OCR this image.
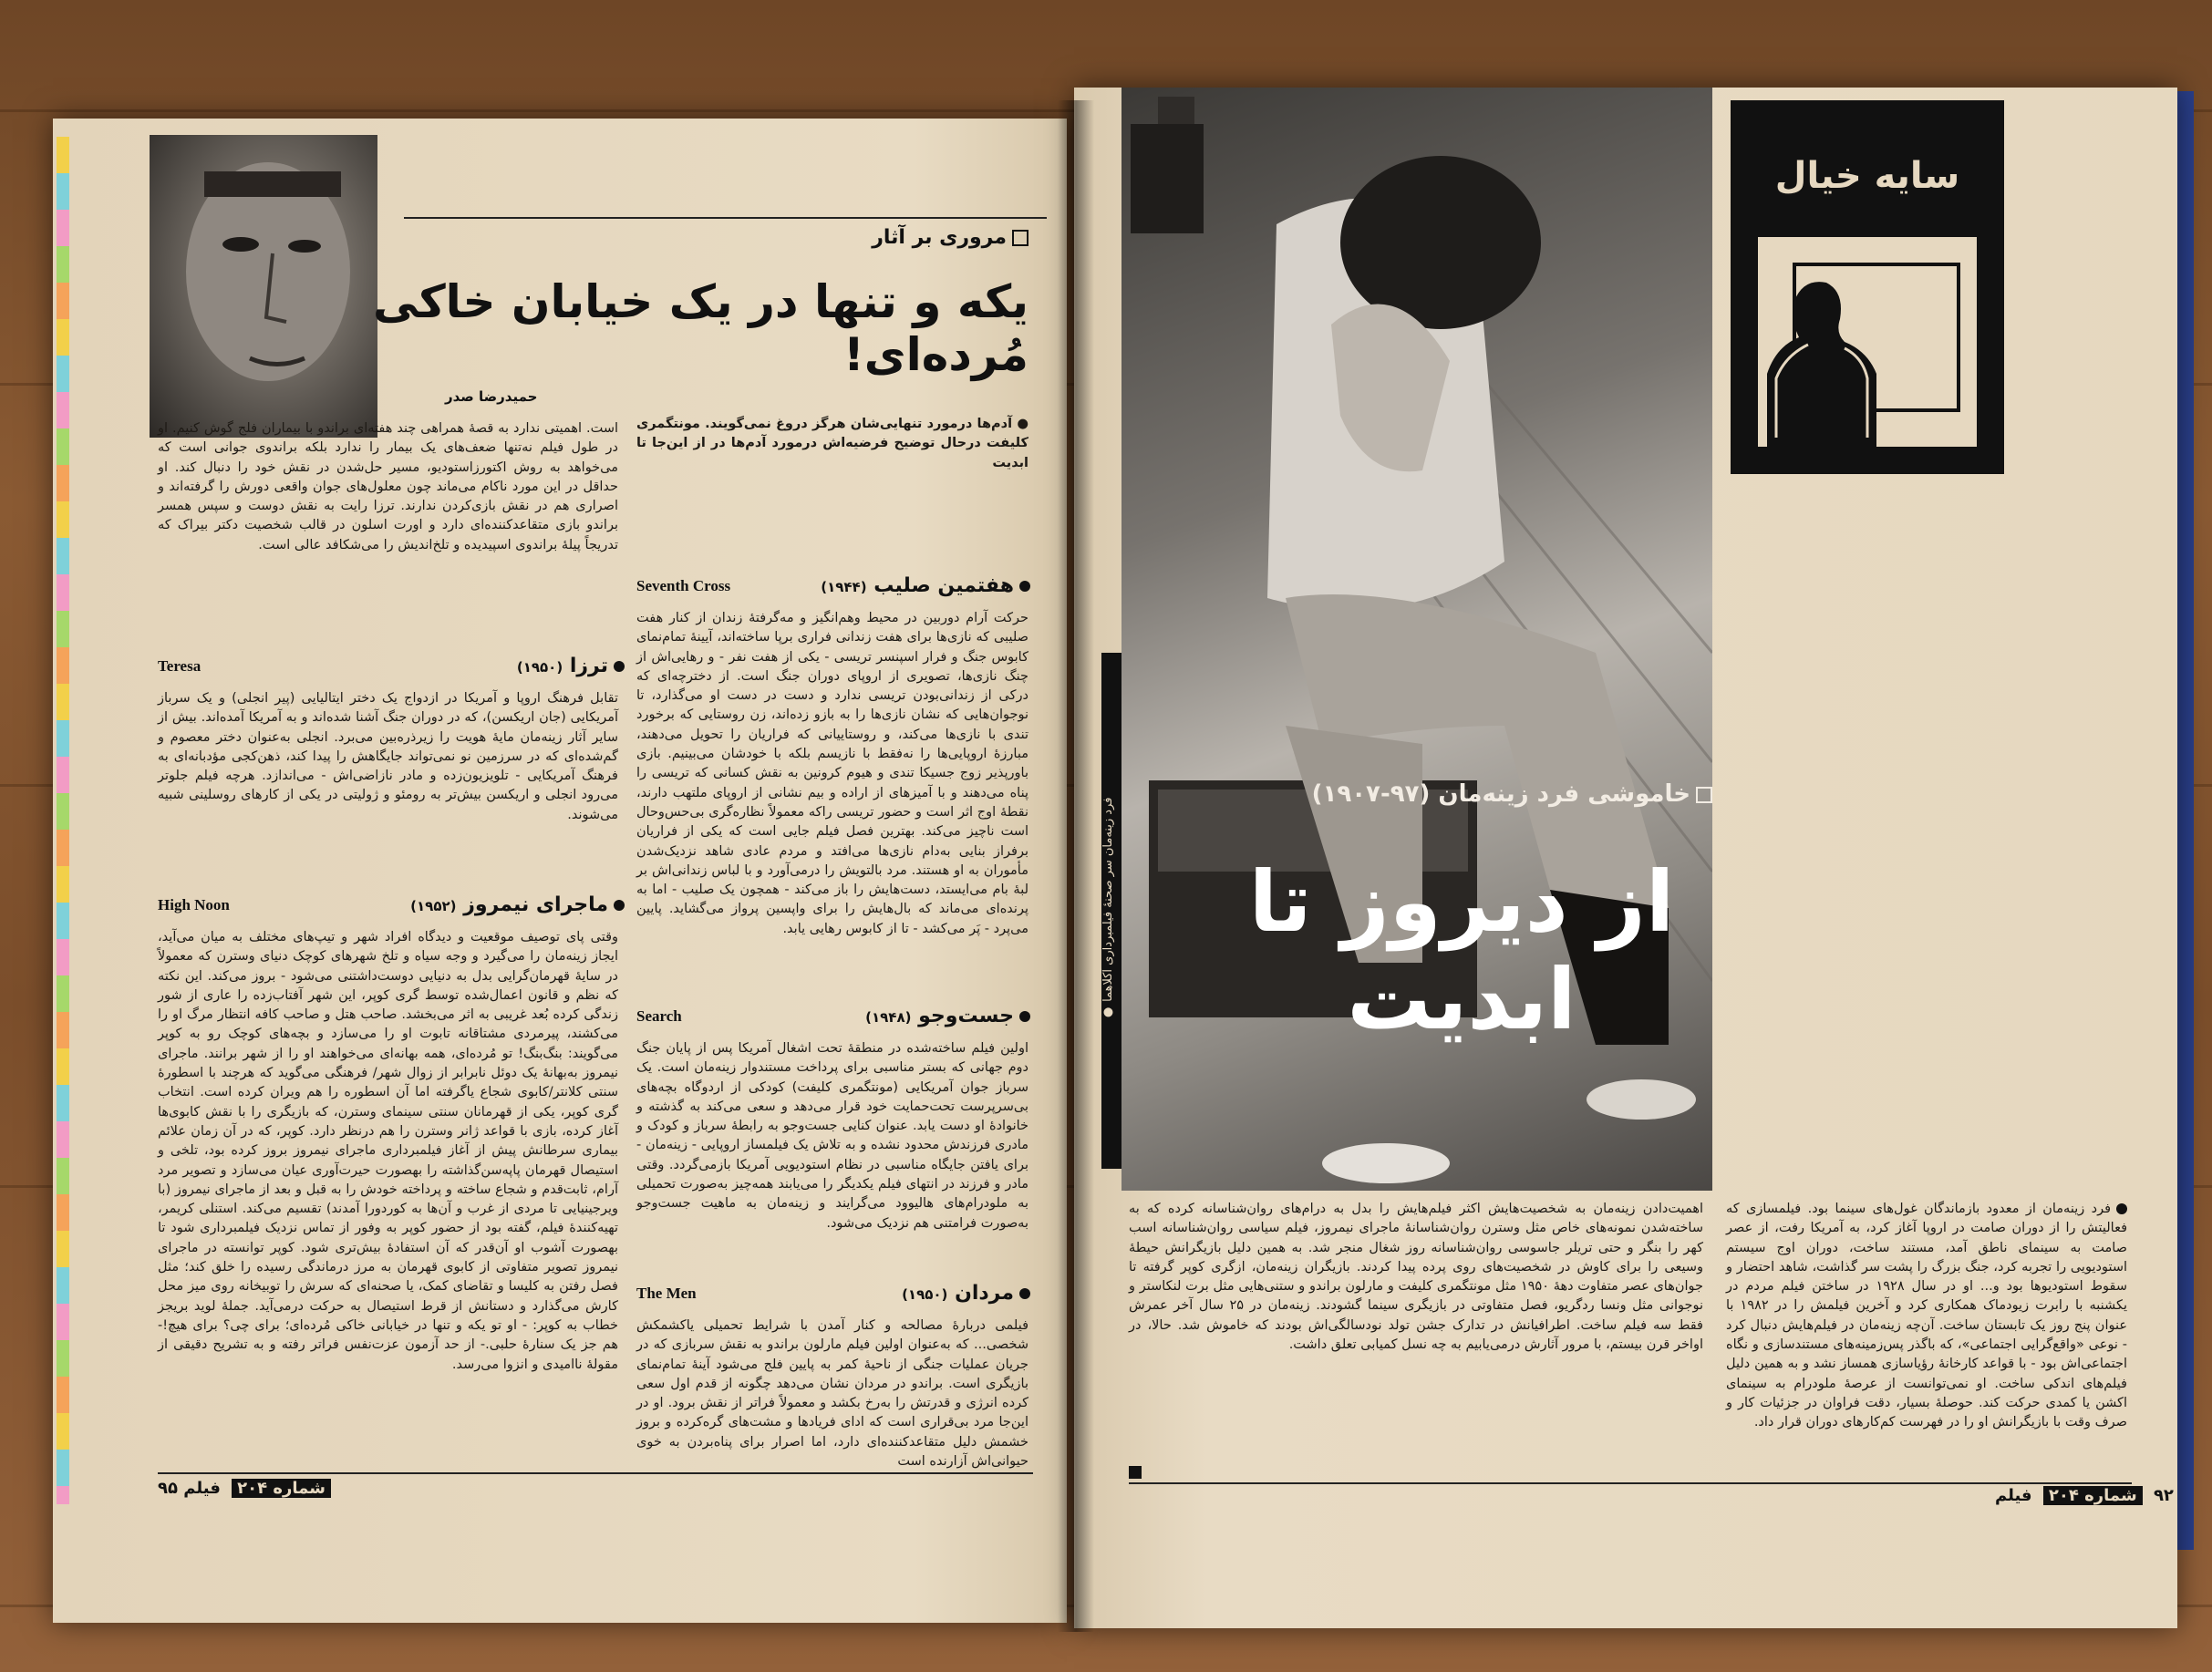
مروری بر آثار
یکه و تنها در یک خیابان خاکی مُرده‌ای!
حمیدرضا صدر
است. اهمیتی ندارد به قصهٔ همراهی چند هفته‌ای براندو با بیماران فلج گوش کنیم. او در طول فیلم نه‌تنها ضعف‌های یک بیمار را ندارد بلکه براندوی جوانی است که می‌خواهد به روش اکتورزاستودیو، مسیر حل‌شدن در نقش خود را دنبال کند. او حداقل در این مورد ناکام می‌ماند چون معلول‌های جوان واقعی دورش را گرفته‌اند و اصراری هم در نقش بازی‌کردن ندارند. ترزا رایت به نقش دوست و سپس همسر براندو بازی متقاعدکننده‌ای دارد و اورت اسلون در قالب شخصیت دکتر بیراک که تدریجاً پیلهٔ براندوی اسپیدیده و تلخ‌اندیش را می‌شکافد عالی است.
● آدم‌ها درمورد تنهایی‌شان هرگز دروغ نمی‌گویند. مونتگمری کلیفت درحال توضیح فرضیه‌اش درمورد آدم‌ها در از این‌جا تا ابدیت
هفتمین صلیب (۱۹۴۴)
Seventh Cross
حرکت آرام دوربین در محیط وهم‌انگیز و مه‌گرفتهٔ زندان از کنار هفت صلیبی که نازی‌ها برای هفت زندانی فراری برپا ساخته‌اند، آیینهٔ تمام‌نمای کابوس جنگ و فرار اسپنسر تریسی - یکی از هفت نفر - و رهایی‌اش از چنگ نازی‌ها، تصویری از اروپای دوران جنگ است. از دخترچه‌ای که درکی از زندانی‌بودن تریسی ندارد و دست در دست او می‌گذارد، تا نوجوان‌هایی که نشان نازی‌ها را به بازو زده‌اند، زن روستایی که برخورد تندی با نازی‌ها می‌کند، و روستاییانی که فراریان را تحویل می‌دهند، مبارزهٔ اروپایی‌ها را نه‌فقط با نازیسم بلکه با خودشان می‌بینیم. بازی باورپذیر زوج جسیکا تندی و هیوم کرونین به نقش کسانی که تریسی را پناه می‌دهند و با آمیزهای از اراده و بیم نشانی از اروپای ملتهب دارند، نقطهٔ اوج اثر است و حضور تریسی راکه معمولاً نظاره‌گری بی‌حس‌وحال است ناچیز می‌کند. بهترین فصل فیلم جایی است که یکی از فراریان برفراز بنایی به‌دام نازی‌ها می‌افتد و مردم عادی شاهد نزدیک‌شدن مأموران به او هستند. مرد بالتویش را درمی‌آورد و با لباس زندانی‌اش بر لبهٔ بام می‌ایستد، دست‌هایش را باز می‌کند - همچون یک صلیب - اما به پرنده‌ای می‌ماند که بال‌هایش را برای واپسین پرواز می‌گشاید. پایین می‌پرد - پَر می‌کشد - تا از کابوس رهایی یابد.
جست‌وجو (۱۹۴۸)
Search
اولین فیلم ساخته‌شده در منطقهٔ تحت اشغال آمریکا پس از پایان جنگ دوم جهانی که بستر مناسبی برای پرداخت مستندوار زینه‌مان است. یک سرباز جوان آمریکایی (مونتگمری کلیفت) کودکی از اردوگاه بچه‌های بی‌سرپرست تحت‌حمایت خود قرار می‌دهد و سعی می‌کند به گذشته و خانوادهٔ او دست یابد. عنوان کنایی جست‌وجو به رابطهٔ سرباز و کودک و مادری فرزندش محدود نشده و به تلاش یک فیلمساز اروپایی - زینه‌مان - برای یافتن جایگاه مناسبی در نظام استودیویی آمریکا بازمی‌گردد. وقتی مادر و فرزند در انتهای فیلم یکدیگر را می‌یابند همه‌چیز به‌صورت تحمیلی به ملودرام‌های هالیوود می‌گرایند و زینه‌مان به ماهیت جست‌وجو به‌صورت فرامتنی هم نزدیک می‌شود.
مردان (۱۹۵۰)
The Men
فیلمی دربارهٔ مصالحه و کنار آمدن با شرایط تحمیلی یاکشمکش شخصی... که به‌عنوان اولین فیلم مارلون براندو به نقش سربازی که در جریان عملیات جنگی از ناحیهٔ کمر به پایین فلج می‌شود آینهٔ تمام‌نمای بازیگری است. براندو در مردان نشان می‌دهد چگونه از قدم اول سعی کرده انرژی و قدرتش را به‌رخ بکشد و معمولاً فراتر از نقش برود. او در این‌جا مرد بی‌قراری است که ادای فریادها و مشت‌های گره‌کرده و بروز خشمش دلیل متقاعدکننده‌ای دارد، اما اصرار برای پناه‌بردن به خوی حیوانی‌اش آزارنده است
ترزا (۱۹۵۰)
Teresa
تقابل فرهنگ اروپا و آمریکا در ازدواج یک دختر ایتالیایی (پیر انجلی) و یک سرباز آمریکایی (جان اریکسن)، که در دوران جنگ آشنا شده‌اند و به آمریکا آمده‌اند. بیش از سایر آثار زینه‌مان مایهٔ هویت را زیرذره‌بین می‌برد. انجلی به‌عنوان دختر معصوم و گم‌شده‌ای که در سرزمین نو نمی‌تواند جایگاهش را پیدا کند، ذهن‌کجی مؤدبانه‌ای به فرهنگ آمریکایی - تلویزیون‌زده و مادر نازاضی‌اش - می‌اندازد. هرچه فیلم جلوتر می‌رود انجلی و اریکسن بیش‌تر به رومئو و ژولیتی در یکی از کارهای روسلینی شبیه می‌شوند.
ماجرای نیمروز (۱۹۵۲)
High Noon
وقتی پای توصیف موقعیت و دیدگاه افراد شهر و تیپ‌های مختلف به میان می‌آید، ایجاز زینه‌مان را می‌گیرد و وجه سیاه و تلخ شهرهای کوچک دنیای وسترن که معمولاً در سایهٔ قهرمان‌گرایی بدل به دنیایی دوست‌داشتنی می‌شود - بروز می‌کند. این نکته که نظم و قانون اعمال‌شده توسط گری کوپر، این شهر آفتاب‌زده را عاری از شور زندگی کرده بُعد غریبی به اثر می‌بخشد. صاحب هتل و صاحب کافه انتظار مرگ او را می‌کشند، پیرمردی مشتاقانه تابوت او را می‌سازد و بچه‌های کوچک رو به کوپر می‌گویند: بنگ‌بنگ! تو مُرده‌ای، همه بهانه‌ای می‌خواهند او را از شهر برانند. ماجرای نیمروز به‌بهانهٔ یک دوئل نابرابر از زوال شهر/ فرهنگی می‌گوید که هرچند با اسطورهٔ سنتی کلانتر/کابوی شجاع یاگرفته اما آن اسطوره را هم ویران کرده است. انتخاب گری کوپر، یکی از قهرمانان سنتی سینمای وسترن، که بازیگری را با نقش کابوی‌ها آغاز کرده، بازی با قواعد ژانر وسترن را هم درنظر دارد. کوپر، که در آن زمان علائم بیماری سرطانش پیش از آغاز فیلمبرداری ماجرای نیمروز بروز کرده بود، تلخی و استیصال قهرمان پاپه‌سن‌گذاشته را بهصورت حیرت‌آوری عیان می‌سازد و تصویر مرد آرام، ثابت‌قدم و شجاع ساخته و پرداخته خودش را به قبل و بعد از ماجرای نیمروز (با ویرجینیایی تا مردی از غرب و آن‌ها به کوردورا آمدند) تقسیم می‌کند. استنلی کریمر، تهیه‌کنندهٔ فیلم، گفته بود از حضور کوپر به وفور از تماس نزدیک فیلمبرداری شود تا بهصورت آشوب او آن‌قدر که آن استفادهٔ بیش‌تری شود. کوپر توانسته در ماجرای نیمروز تصویر متفاوتی از کابوی قهرمان به مرز درماندگی رسیده را خلق کند؛ مثل فصل رفتن به کلیسا و تقاضای کمک، یا صحنه‌ای که سرش را توبیخانه روی میز محل کارش می‌گذارد و دستانش از قرط استیصال به حرکت درمی‌آید. جملهٔ لوید بریجز خطاب به کوپر: - او تو یکه و تنها در خیابانی خاکی مُرده‌ای؛ برای چی؟ برای هیچ!- هم جز یک سنارهٔ حلبی.- از حد آزمون عزت‌نفس فراتر رفته و به تشریح دقیقی از مقولهٔ ناامیدی و انزوا می‌رسد.
۹۵	شماره ۲۰۴ فیلم
● فرد زینه‌مان سر صحنهٔ فیلمبرداری آکلاهما
سایه خیال
خاموشی فرد زینه‌مان (۹۷-۱۹۰۷)
از دیروز تا ابدیت
فرد زینه‌مان از معدود بازماندگان غول‌های سینما بود. فیلمسازی که فعالیتش را از دوران صامت در اروپا آغاز کرد، به آمریکا رفت، از عصر صامت به سینمای ناطق آمد، مستند ساخت، دوران اوج سیستم استودیویی را تجربه کرد، جنگ بزرگ را پشت سر گذاشت، شاهد احتضار و سقوط استودیوها بود و... او در سال ۱۹۲۸ در ساختن فیلم مردم در یکشنبه با رابرت زیودماک همکاری کرد و آخرین فیلمش را در ۱۹۸۲ با عنوان پنج روز یک تابستان ساخت. آن‌چه زینه‌مان در فیلم‌هایش دنبال کرد - نوعی «واقع‌گرایی اجتماعی»، که باگذر پس‌زمینه‌های مستندسازی و نگاه اجتماعی‌اش بود - با قواعد کارخانهٔ رؤیاسازی همساز نشد و به همین دلیل فیلم‌های اندکی ساخت. او نمی‌توانست از عرصهٔ ملودرام به سینمای اکشن یا کمدی حرکت کند. حوصلهٔ بسیار، دقت فراوان در جزئیات کار و صرف وقت با بازیگرانش او را در فهرست کم‌کارهای دوران قرار داد.
اهمیت‌دادن زینه‌مان به شخصیت‌هایش اکثر فیلم‌هایش را بدل به درام‌های روان‌شناسانه کرده که به ساخته‌شدن نمونه‌های خاص مثل وسترن روان‌شناسانهٔ ماجرای نیمروز، فیلم سیاسی روان‌شناسانه اسب کهر را بنگر و حتی تریلر جاسوسی روان‌شناسانه روز شغال منجر شد. به همین دلیل بازیگرانش حیطهٔ وسیعی را برای کاوش در شخصیت‌های روی پرده پیدا کردند. بازیگران زینه‌مان، ازگری کوپر گرفته تا جوان‌های عصر متفاوت دههٔ ۱۹۵۰ مثل مونتگمری کلیفت و مارلون براندو و ستنی‌هایی مثل برت لنکاستر و نوجوانی مثل ونسا ردگریو، فصل متفاوتی در بازیگری سینما گشودند. زینه‌مان در ۲۵ سال آخر عمرش فقط سه فیلم ساخت. اطرافیانش در تدارک جشن تولد نودسالگی‌اش بودند که خاموش شد. حالا، در اواخر قرن بیستم، با مرور آثارش درمی‌یابیم به چه نسل کمیابی تعلق داشت.
۹۲ شماره ۲۰۴ فیلم
